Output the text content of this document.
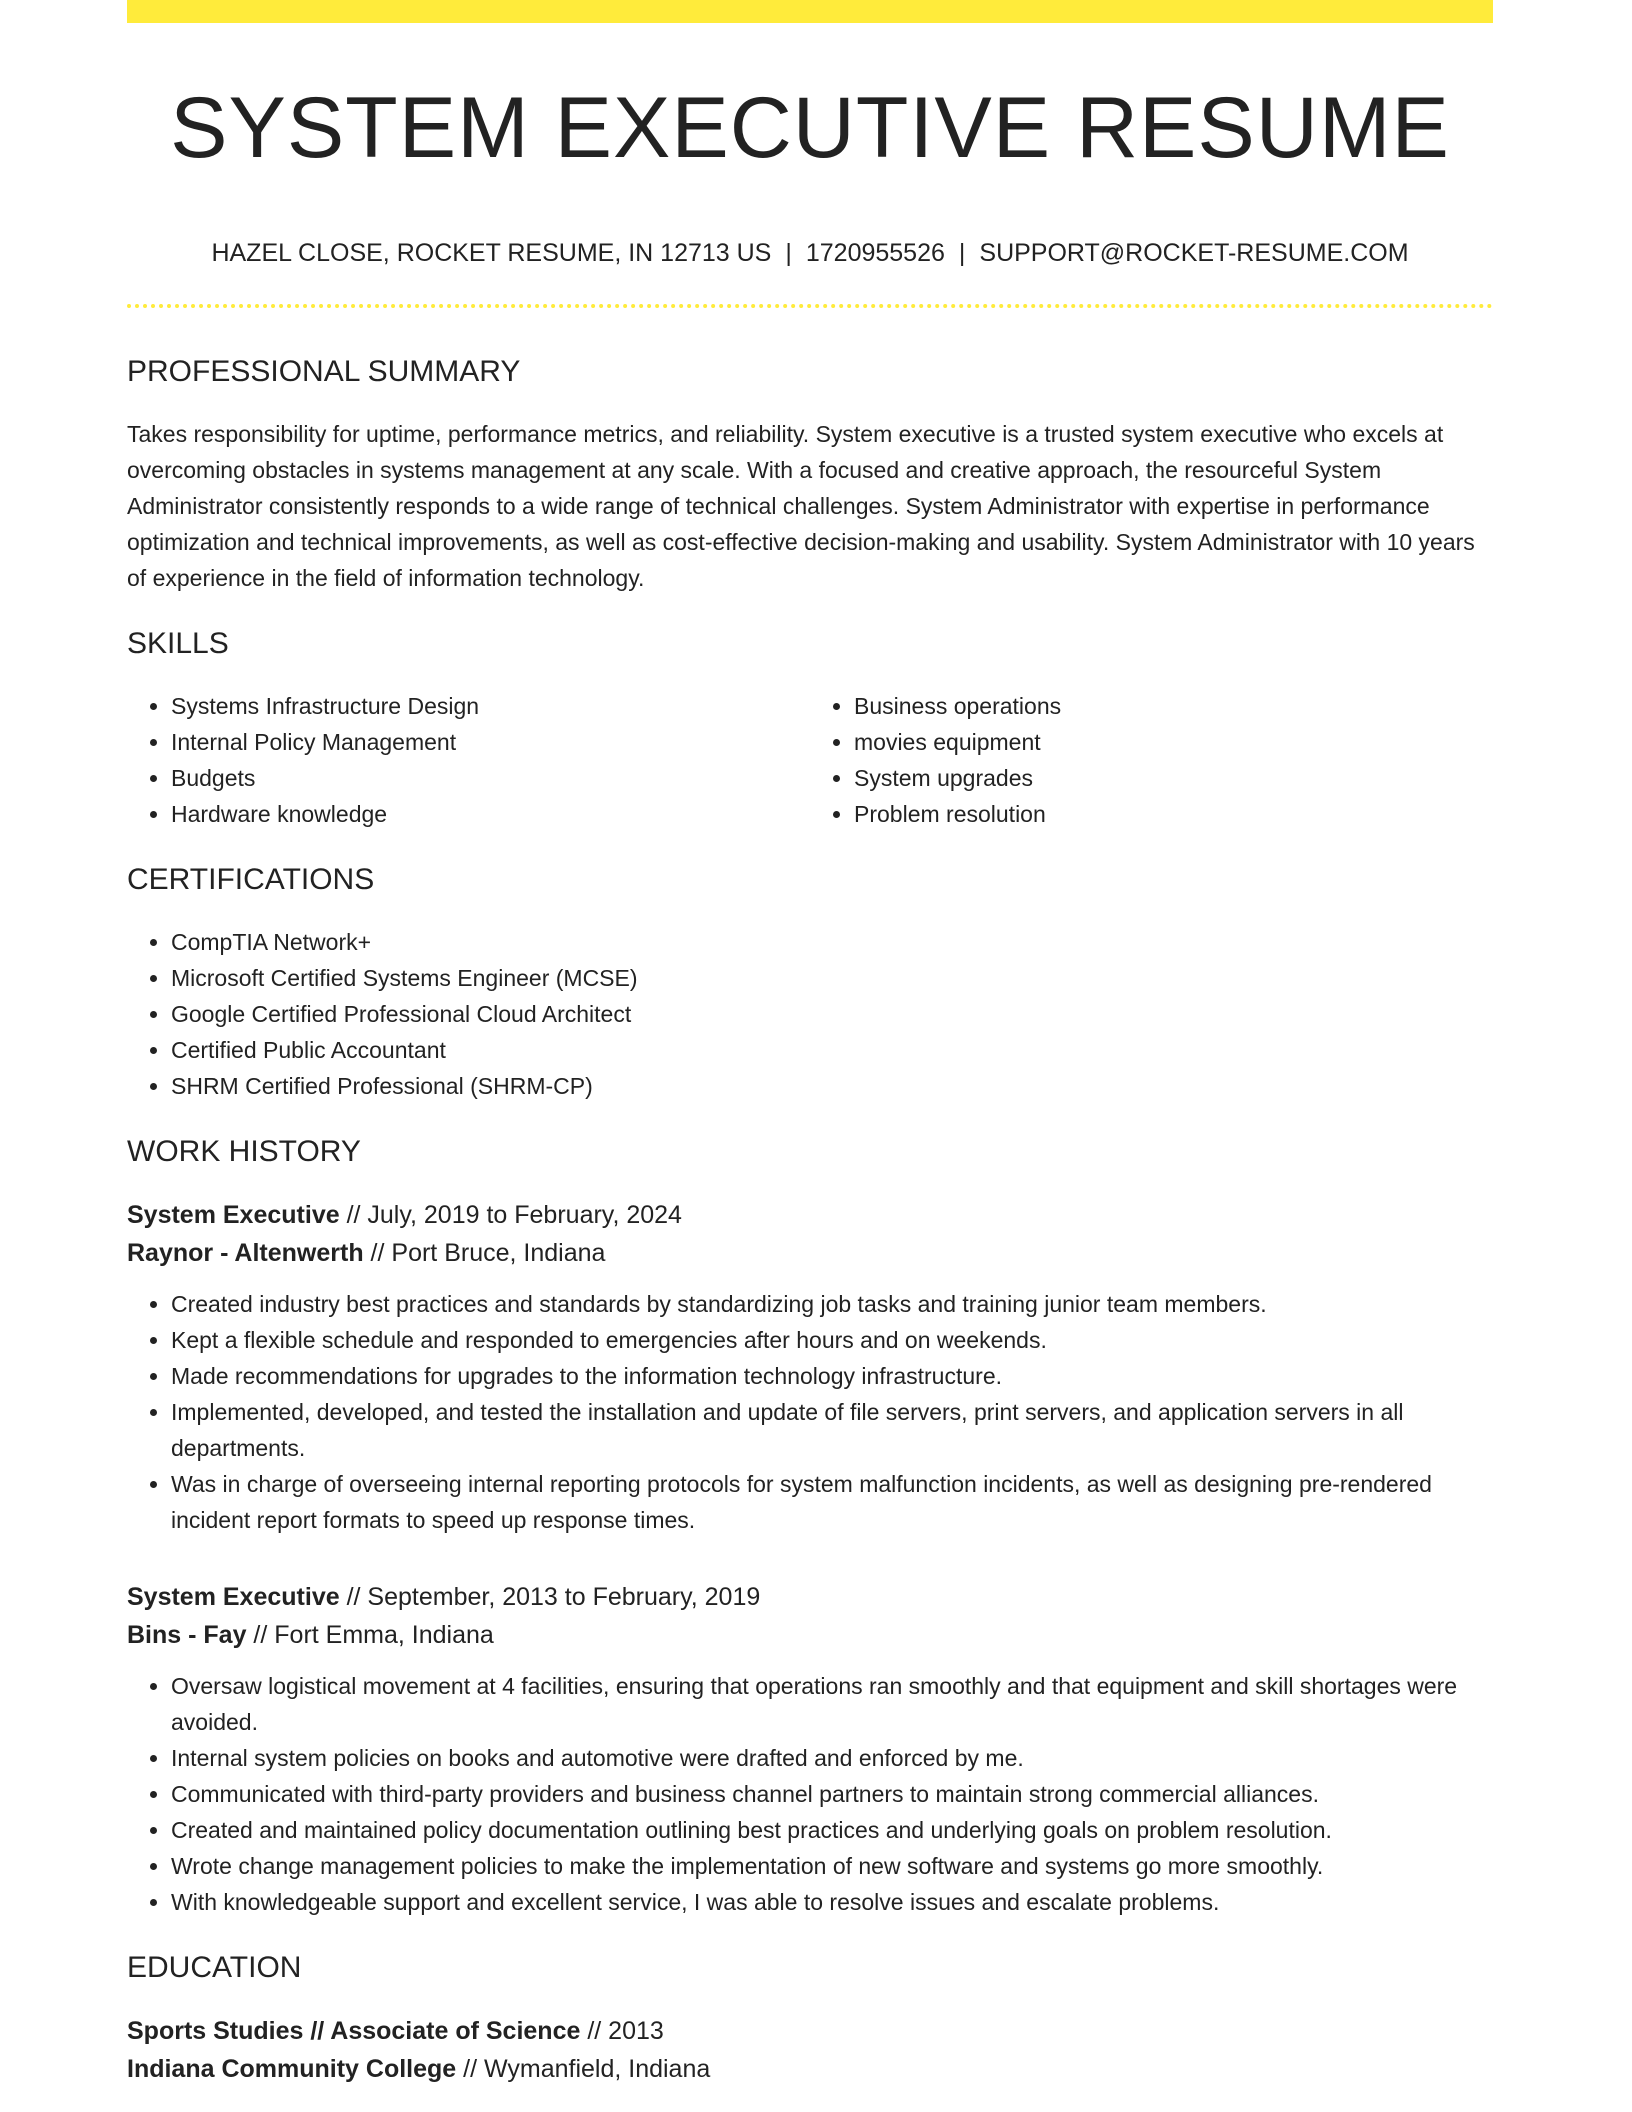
SYSTEM EXECUTIVE RESUME
HAZEL CLOSE, ROCKET RESUME, IN 12713 US | 1720955526 | SUPPORT@ROCKET-RESUME.COM
PROFESSIONAL SUMMARY

Takes responsibility for uptime, performance metrics, and reliability. System executive is a trusted system executive who excels at overcoming obstacles in systems management at any scale. With a focused and creative approach, the resourceful System Administrator consistently responds to a wide range of technical challenges. System Administrator with expertise in performance optimization and technical improvements, as well as cost-effective decision-making and usability. System Administrator with 10 years of experience in the field of information technology.

SKILLS
• Systems Infrastructure Design
• Internal Policy Management
• Budgets
• Hardware knowledge
• Business operations
• movies equipment
• System upgrades
• Problem resolution
CERTIFICATIONS
• CompTIA Network+
• Microsoft Certified Systems Engineer (MCSE)
• Google Certified Professional Cloud Architect
• Certified Public Accountant
• SHRM Certified Professional (SHRM-CP)
WORK HISTORY
System Executive // July, 2019 to February, 2024
Raynor - Altenwerth // Port Bruce, Indiana
• Created industry best practices and standards by standardizing job tasks and training junior team members.
• Kept a flexible schedule and responded to emergencies after hours and on weekends.
• Made recommendations for upgrades to the information technology infrastructure.
• Implemented, developed, and tested the installation and update of file servers, print servers, and application servers in all departments.
• Was in charge of overseeing internal reporting protocols for system malfunction incidents, as well as designing pre-rendered incident report formats to speed up response times.
System Executive // September, 2013 to February, 2019
Bins - Fay // Fort Emma, Indiana
• Oversaw logistical movement at 4 facilities, ensuring that operations ran smoothly and that equipment and skill shortages were avoided.
• Internal system policies on books and automotive were drafted and enforced by me.
• Communicated with third-party providers and business channel partners to maintain strong commercial alliances.
• Created and maintained policy documentation outlining best practices and underlying goals on problem resolution.
• Wrote change management policies to make the implementation of new software and systems go more smoothly.
• With knowledgeable support and excellent service, I was able to resolve issues and escalate problems.
EDUCATION
Sports Studies // Associate of Science // 2013
Indiana Community College // Wymanfield, Indiana
